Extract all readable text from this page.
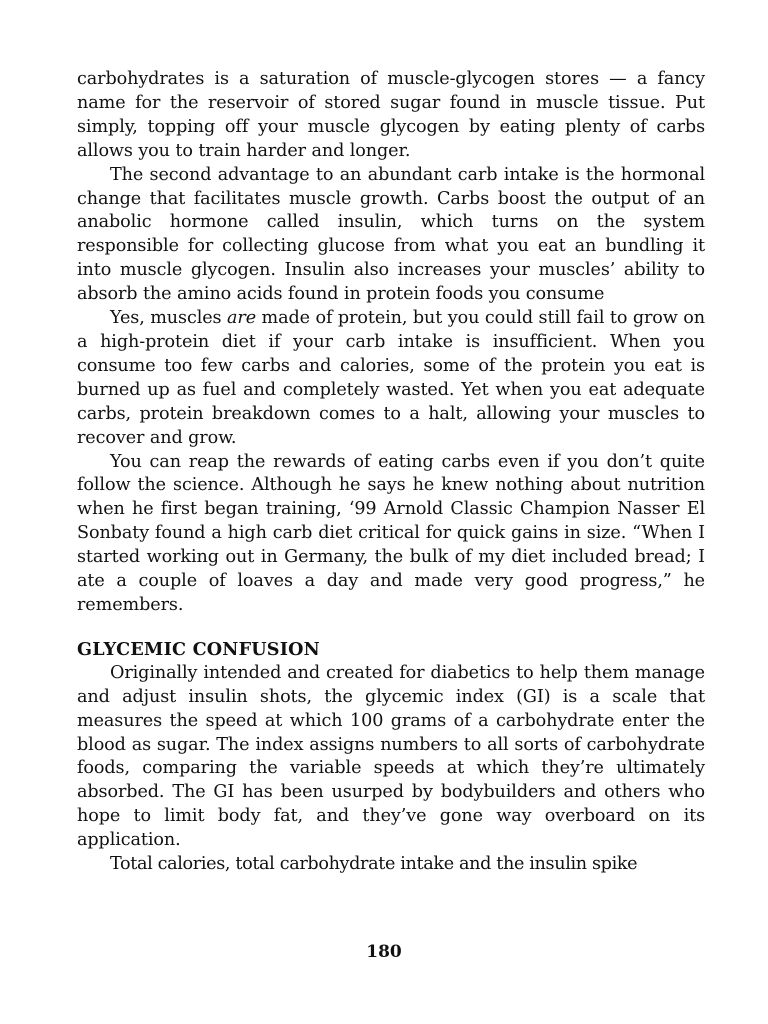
carbohydrates is a saturation of muscle-glycogen stores — a fancy name for the reservoir of stored sugar found in muscle tissue. Put simply, topping off your muscle glycogen by eating plenty of carbs allows you to train harder and longer.

The second advantage to an abundant carb intake is the hormonal change that facilitates muscle growth. Carbs boost the output of an anabolic hormone called insulin, which turns on the system responsible for collecting glucose from what you eat an bundling it into muscle glycogen. Insulin also increases your muscles’ ability to absorb the amino acids found in protein foods you consume

Yes, muscles are made of protein, but you could still fail to grow on a high-protein diet if your carb intake is insufficient. When you consume too few carbs and calories, some of the protein you eat is burned up as fuel and completely wasted. Yet when you eat adequate carbs, protein breakdown comes to a halt, allowing your muscles to recover and grow.

You can reap the rewards of eating carbs even if you don’t quite follow the science. Although he says he knew nothing about nutrition when he first began training, ‘99 Arnold Classic Champion Nasser El Sonbaty found a high carb diet critical for quick gains in size. “When I started working out in Germany, the bulk of my diet included bread; I ate a couple of loaves a day and made very good progress,” he remembers.

GLYCEMIC CONFUSION

Originally intended and created for diabetics to help them manage and adjust insulin shots, the glycemic index (GI) is a scale that measures the speed at which 100 grams of a carbohydrate enter the blood as sugar. The index assigns numbers to all sorts of carbohydrate foods, comparing the variable speeds at which they’re ultimately absorbed. The GI has been usurped by bodybuilders and others who hope to limit body fat, and they’ve gone way overboard on its application.

Total calories, total carbohydrate intake and the insulin spike

180
